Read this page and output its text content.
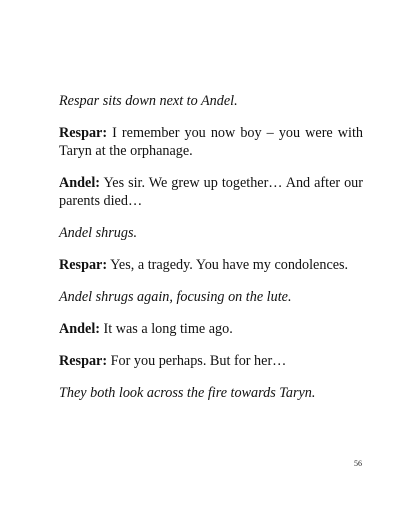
Respar sits down next to Andel.

Respar: I remember you now boy – you were with Taryn at the orphanage.

Andel: Yes sir. We grew up together… And after our parents died…

Andel shrugs.

Respar: Yes, a tragedy. You have my condolences.

Andel shrugs again, focusing on the lute.

Andel: It was a long time ago.

Respar: For you perhaps. But for her…

They both look across the fire towards Taryn.

56
